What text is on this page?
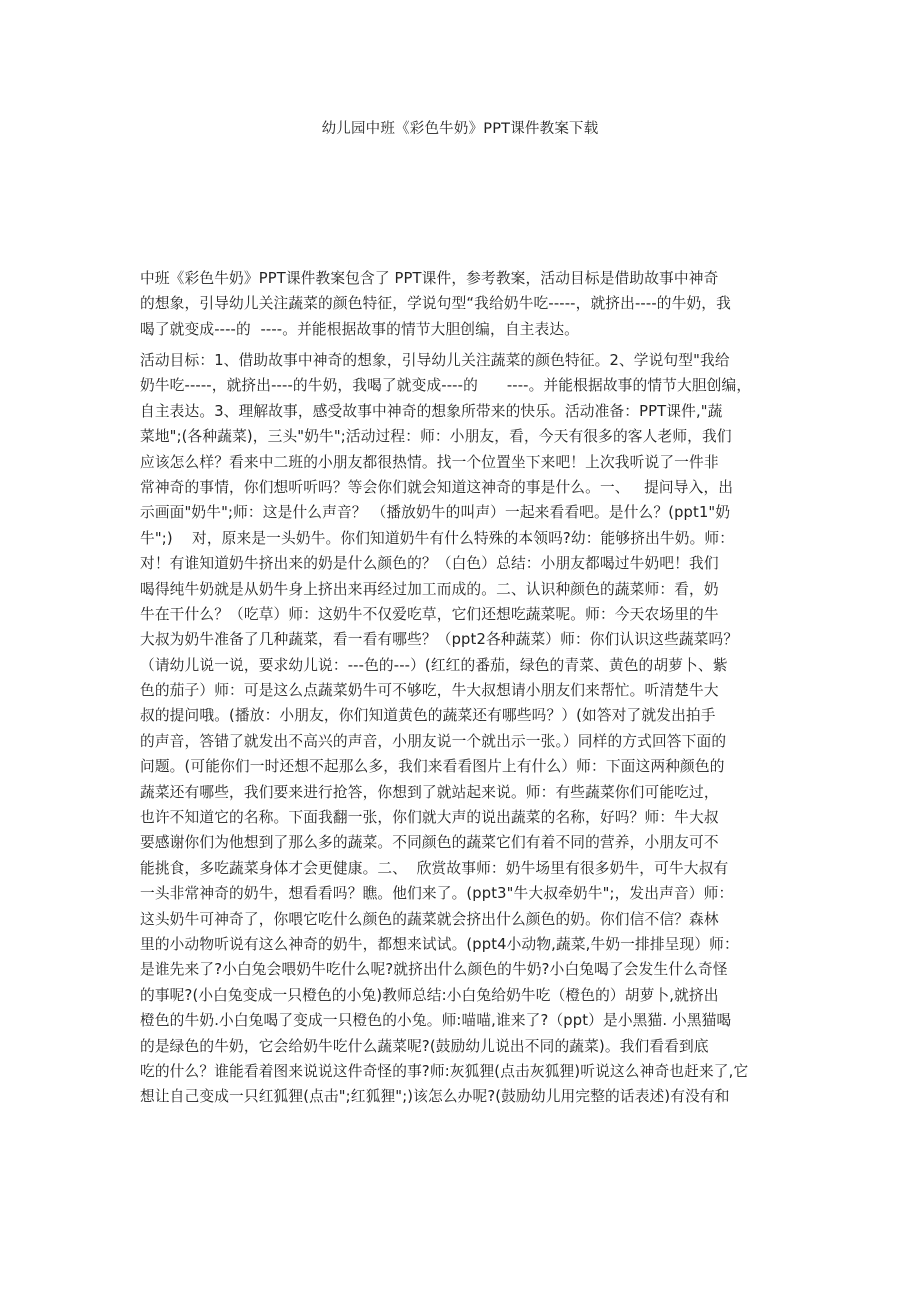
幼儿园中班《彩色牛奶》PPT课件教案下载
中班《彩色牛奶》PPT课件教案包含了 PPT课件，参考教案，活动目标是借助故事中神奇
的想象，引导幼儿关注蔬菜的颜色特征，学说句型“我给奶牛吃-----，就挤出----的牛奶，我
喝了就变成----的  ----。并能根据故事的情节大胆创编，自主表达。
活动目标：1、借助故事中神奇的想象，引导幼儿关注蔬菜的颜色特征。2、学说句型"我给
奶牛吃-----，就挤出----的牛奶，我喝了就变成----的      ----。并能根据故事的情节大胆创编，
自主表达。3、理解故事，感受故事中神奇的想象所带来的快乐。活动准备：PPT课件,"蔬
菜地";(各种蔬菜)，三头"奶牛";活动过程：师：小朋友，看，今天有很多的客人老师，我们
应该怎么样？看来中二班的小朋友都很热情。找一个位置坐下来吧！上次我听说了一件非
常神奇的事情，你们想听听吗？等会你们就会知道这神奇的事是什么。一、   提问导入，出
示画面"奶牛";师：这是什么声音？ （播放奶牛的叫声）一起来看看吧。是什么？(ppt1"奶
牛";)    对，原来是一头奶牛。你们知道奶牛有什么特殊的本领吗?幼：能够挤出牛奶。师：
对！有谁知道奶牛挤出来的奶是什么颜色的？（白色）总结：小朋友都喝过牛奶吧！我们
喝得纯牛奶就是从奶牛身上挤出来再经过加工而成的。二、认识种颜色的蔬菜师：看，奶
牛在干什么？（吃草）师：这奶牛不仅爱吃草，它们还想吃蔬菜呢。师：今天农场里的牛
大叔为奶牛准备了几种蔬菜，看一看有哪些？（ppt2各种蔬菜）师：你们认识这些蔬菜吗？
（请幼儿说一说，要求幼儿说：---色的---）(红红的番茄，绿色的青菜、黄色的胡萝卜、紫
色的茄子）师：可是这么点蔬菜奶牛可不够吃，牛大叔想请小朋友们来帮忙。听清楚牛大
叔的提问哦。(播放：小朋友，你们知道黄色的蔬菜还有哪些吗？）(如答对了就发出拍手
的声音，答错了就发出不高兴的声音，小朋友说一个就出示一张。）同样的方式回答下面的
问题。(可能你们一时还想不起那么多，我们来看看图片上有什么）师：下面这两种颜色的
蔬菜还有哪些，我们要来进行抢答，你想到了就站起来说。师：有些蔬菜你们可能吃过，
也许不知道它的名称。下面我翻一张，你们就大声的说出蔬菜的名称，好吗？师：牛大叔
要感谢你们为他想到了那么多的蔬菜。不同颜色的蔬菜它们有着不同的营养，小朋友可不
能挑食，多吃蔬菜身体才会更健康。二、  欣赏故事师：奶牛场里有很多奶牛，可牛大叔有
一头非常神奇的奶牛，想看看吗？瞧。他们来了。(ppt3"牛大叔牵奶牛";，发出声音）师：
这头奶牛可神奇了，你喂它吃什么颜色的蔬菜就会挤出什么颜色的奶。你们信不信？森林
里的小动物听说有这么神奇的奶牛，都想来试试。(ppt4小动物,蔬菜,牛奶一排排呈现）师：
是谁先来了?小白兔会喂奶牛吃什么呢?就挤出什么颜色的牛奶?小白兔喝了会发生什么奇怪
的事呢?(小白兔变成一只橙色的小兔)教师总结:小白兔给奶牛吃（橙色的）胡萝卜,就挤出
橙色的牛奶.小白兔喝了变成一只橙色的小兔。师:喵喵,谁来了?（ppt）是小黑猫. 小黑猫喝
的是绿色的牛奶，它会给奶牛吃什么蔬菜呢?(鼓励幼儿说出不同的蔬菜)。我们看看到底
吃的什么？谁能看着图来说说这件奇怪的事?师:灰狐狸(点击灰狐狸)听说这么神奇也赶来了,它
想让自己变成一只红狐狸(点击";红狐狸";)该怎么办呢?(鼓励幼儿用完整的话表述)有没有和
